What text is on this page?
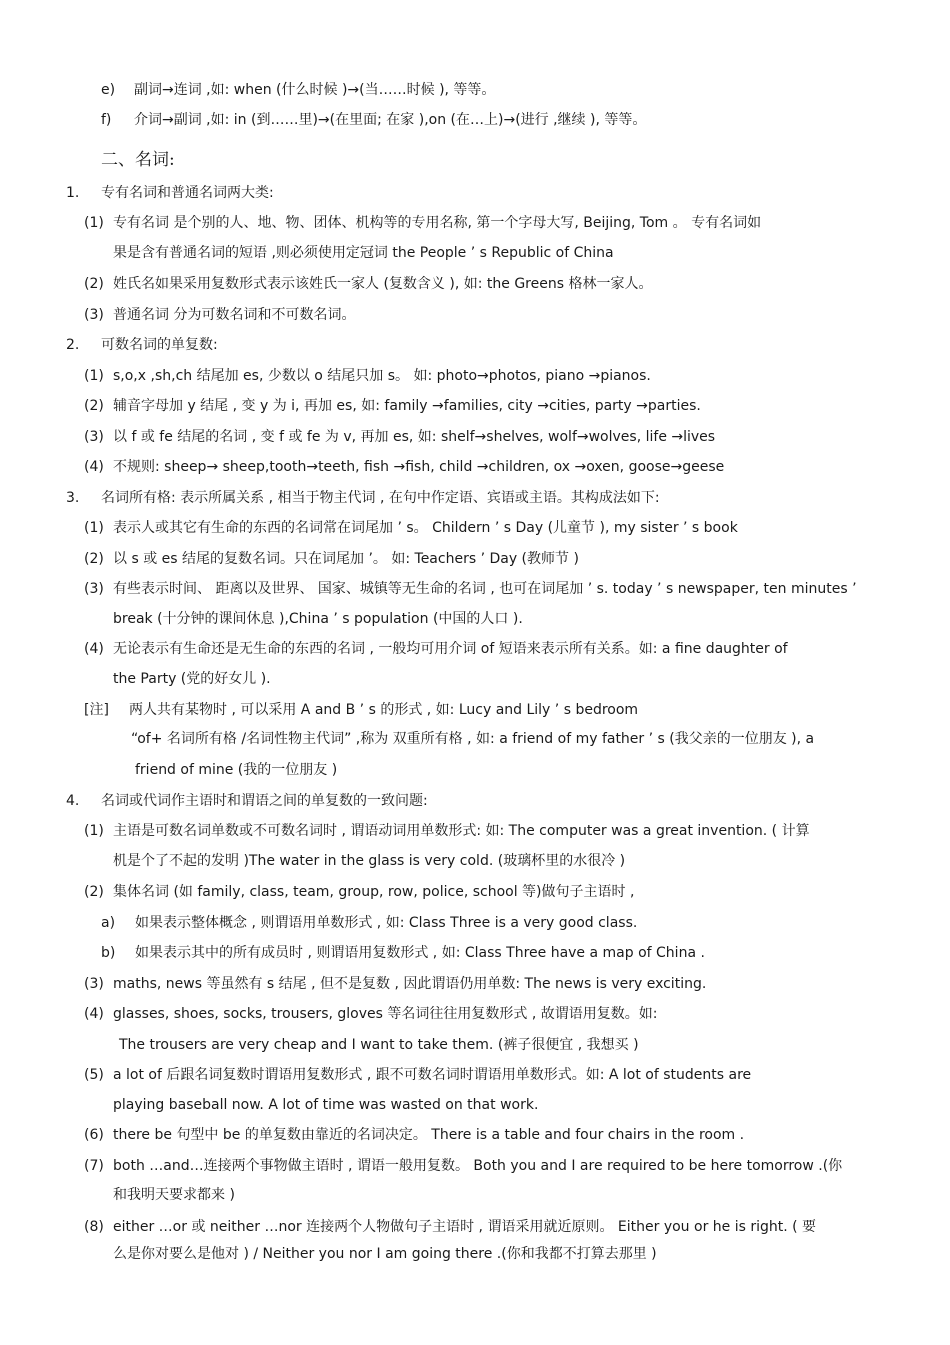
e) 副词→连词 ,如: when (什么时候 )→(当……时候 ), 等等。
f) 介词→副词 ,如: in (到……里)→(在里面; 在家 ),on (在…上)→(进行 ,继续 ), 等等。
二、名词:
1. 专有名词和普通名词两大类:
(1) 专有名词 是个别的人、地、物、团体、机构等的专用名称, 第一个字母大写, Beijing, Tom 。 专有名词如
果是含有普通名词的短语 ,则必须使用定冠词 the People ’ s Republic of China
(2) 姓氏名如果采用复数形式表示该姓氏一家人 (复数含义 ), 如: the Greens 格林一家人。
(3) 普通名词 分为可数名词和不可数名词。
2. 可数名词的单复数:
(1) s,o,x ,sh,ch 结尾加 es, 少数以 o 结尾只加 s。 如: photo→photos, piano →pianos.
(2) 辅音字母加 y 结尾 , 变 y 为 i, 再加 es, 如: family →families, city →cities, party →parties.
(3) 以 f 或 fe 结尾的名词 , 变 f 或 fe 为 v, 再加 es, 如: shelf→shelves, wolf→wolves, life →lives
(4) 不规则: sheep→ sheep,tooth→teeth, fish →fish, child →children, ox →oxen, goose→geese
3. 名词所有格: 表示所属关系 , 相当于物主代词 , 在句中作定语、宾语或主语。其构成法如下:
(1) 表示人或其它有生命的东西的名词常在词尾加 ’ s。 Childern ’ s Day (儿童节 ), my sister ’ s book
(2) 以 s 或 es 结尾的复数名词。只在词尾加 ’。 如: Teachers ’ Day (教师节 )
(3) 有些表示时间、 距离以及世界、 国家、城镇等无生命的名词 , 也可在词尾加 ’ s. today ’ s newspaper, ten minutes ’
break (十分钟的课间休息 ),China ’ s population (中国的人口 ).
(4) 无论表示有生命还是无生命的东西的名词 , 一般均可用介词 of 短语来表示所有关系。如: a fine daughter of
the Party (党的好女儿 ).
[注] 两人共有某物时 , 可以采用 A and B ’ s 的形式 , 如: Lucy and Lily ’ s bedroom
“of+ 名词所有格 /名词性物主代词” ,称为 双重所有格 , 如: a friend of my father ’ s (我父亲的一位朋友 ), a
friend of mine (我的一位朋友 )
4. 名词或代词作主语时和谓语之间的单复数的一致问题:
(1) 主语是可数名词单数或不可数名词时 , 谓语动词用单数形式: 如: The computer was a great invention. ( 计算
机是个了不起的发明 )The water in the glass is very cold. (玻璃杯里的水很冷 )
(2) 集体名词 (如 family, class, team, group, row, police, school 等)做句子主语时 ,
a) 如果表示整体概念 , 则谓语用单数形式 , 如: Class Three is a very good class.
b) 如果表示其中的所有成员时 , 则谓语用复数形式 , 如: Class Three have a map of China .
(3) maths, news 等虽然有 s 结尾 , 但不是复数 , 因此谓语仍用单数: The news is very exciting.
(4) glasses, shoes, socks, trousers, gloves 等名词往往用复数形式 , 故谓语用复数。如:
The trousers are very cheap and I want to take them. (裤子很便宜 , 我想买 )
(5) a lot of 后跟名词复数时谓语用复数形式 , 跟不可数名词时谓语用单数形式。如: A lot of students are
playing baseball now. A lot of time was wasted on that work.
(6) there be 句型中 be 的单复数由靠近的名词决定。 There is a table and four chairs in the room .
(7) both …and…连接两个事物做主语时 , 谓语一般用复数。 Both you and I are required to be here tomorrow .(你
和我明天要求都来 )
(8) either …or 或 neither …nor 连接两个人物做句子主语时 , 谓语采用就近原则。 Either you or he is right. ( 要
么是你对要么是他对 ) / Neither you nor I am going there .(你和我都不打算去那里 )
